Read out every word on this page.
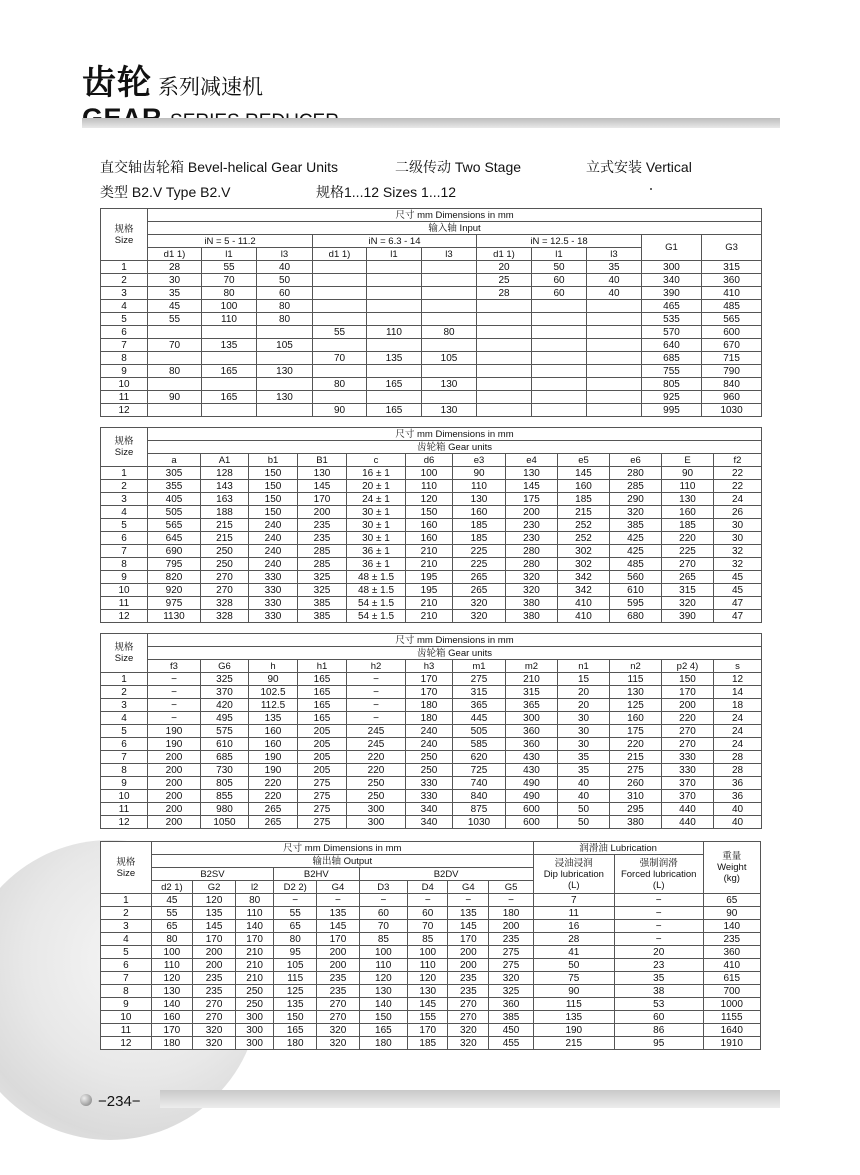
齿轮 系列减速机
直交轴齿轮箱 Bevel-helical Gear Units	二级传动 Two Stage	立式安装 Vertical
类型 B2.V Type B2.V	规格1...12 Sizes 1...12
规格
Size	尺寸 mm Dimensions in mm										
	输入轴 Input										
	iN = 5 - 11.2			iN = 6.3 - 14			iN = 12.5 - 18			G1	G3
	d1 1)	l1	l3	d1 1)	l1	l3	d1 1)	l1	l3		
1	28	55	40				20	50	35	300	315
2	30	70	50				25	60	40	340	360
3	35	80	60				28	60	40	390	410
4	45	100	80							465	485
5	55	110	80							535	565
6				55	110	80				570	600
7	70	135	105							640	670
8				70	135	105				685	715
9	80	165	130							755	790
10				80	165	130				805	840
11	90	165	130							925	960
12				90	165	130				995	1030
规格
Size	尺寸 mm Dimensions in mm											
	齿轮箱 Gear units											
	a	A1	b1	B1	c	d6	e3	e4	e5	e6	E	f2
1	305	128	150	130	16 ± 1	100	90	130	145	280	90	22
2	355	143	150	145	20 ± 1	110	110	145	160	285	110	22
3	405	163	150	170	24 ± 1	120	130	175	185	290	130	24
4	505	188	150	200	30 ± 1	150	160	200	215	320	160	26
5	565	215	240	235	30 ± 1	160	185	230	252	385	185	30
6	645	215	240	235	30 ± 1	160	185	230	252	425	220	30
7	690	250	240	285	36 ± 1	210	225	280	302	425	225	32
8	795	250	240	285	36 ± 1	210	225	280	302	485	270	32
9	820	270	330	325	48 ± 1.5	195	265	320	342	560	265	45
10	920	270	330	325	48 ± 1.5	195	265	320	342	610	315	45
11	975	328	330	385	54 ± 1.5	210	320	380	410	595	320	47
12	1130	328	330	385	54 ± 1.5	210	320	380	410	680	390	47
规格
Size	尺寸 mm Dimensions in mm											
	齿轮箱 Gear units											
	f3	G6	h	h1	h2	h3	m1	m2	n1	n2	p2 4)	s
1	−	325	90	165	−	170	275	210	15	115	150	12
2	−	370	102.5	165	−	170	315	315	20	130	170	14
3	−	420	112.5	165	−	180	365	365	20	125	200	18
4	−	495	135	165	−	180	445	300	30	160	220	24
5	190	575	160	205	245	240	505	360	30	175	270	24
6	190	610	160	205	245	240	585	360	30	220	270	24
7	200	685	190	205	220	250	620	430	35	215	330	28
8	200	730	190	205	220	250	725	430	35	275	330	28
9	200	805	220	275	250	330	740	490	40	260	370	36
10	200	855	220	275	250	330	840	490	40	310	370	36
11	200	980	265	275	300	340	875	600	50	295	440	40
12	200	1050	265	275	300	340	1030	600	50	380	440	40
规格
Size	尺寸 mm Dimensions in mm									润滑油 Lubrication		重量
Weight
(kg)
	输出轴 Output									浸油浸润
Dip lubrication
(L)	强制润滑
Forced lubrication
(L)	
	B2SV			B2HV		B2DV						
	d2 1)	G2	l2	D2 2)	G4	D3	D4	G4	G5			
1	45	120	80	−	−	−	−	−	−	7	−	65
2	55	135	110	55	135	60	60	135	180	11	−	90
3	65	145	140	65	145	70	70	145	200	16	−	140
4	80	170	170	80	170	85	85	170	235	28	−	235
5	100	200	210	95	200	100	100	200	275	41	20	360
6	110	200	210	105	200	110	110	200	275	50	23	410
7	120	235	210	115	235	120	120	235	320	75	35	615
8	130	235	250	125	235	130	130	235	325	90	38	700
9	140	270	250	135	270	140	145	270	360	115	53	1000
10	160	270	300	150	270	150	155	270	385	135	60	1155
11	170	320	300	165	320	165	170	320	450	190	86	1640
12	180	320	300	180	320	180	185	320	455	215	95	1910
−234−
